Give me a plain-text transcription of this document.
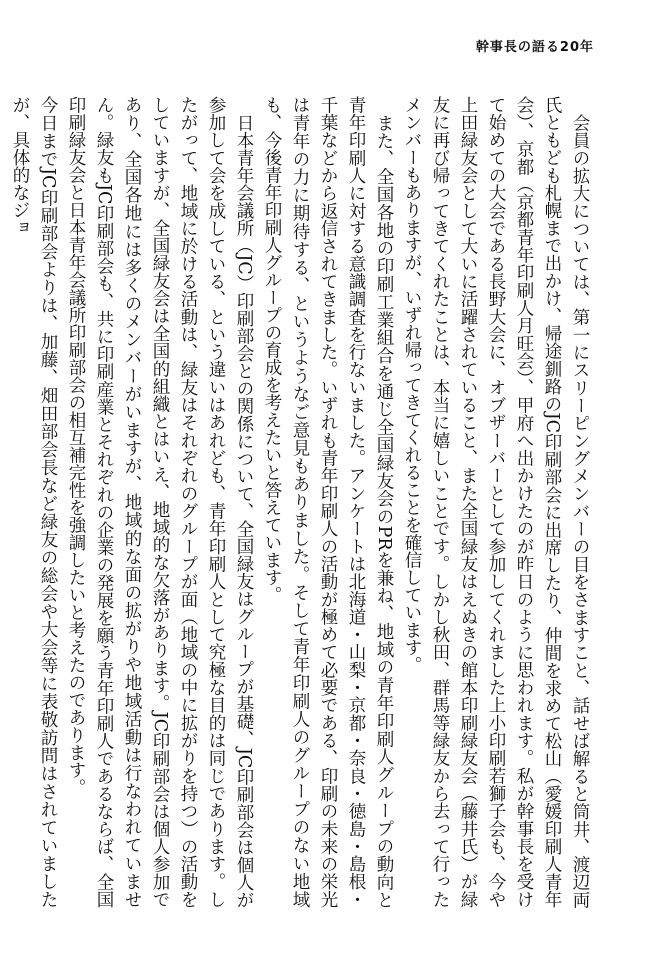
幹事長の語る20年

会員の拡大については、第一にスリーピングメンバーの目をさますこと、話せば解ると筒井、渡辺両氏ともども札幌まで出かけ、帰途釧路のJC印刷部会に出席したり、仲間を求めて松山（愛媛印刷人青年会）、京都（京都青年印刷人月旺会）、甲府へ出かけたのが昨日のように思われます。私が幹事長を受けて始めての大会である長野大会に、オブザーバーとして参加してくれました上小印刷若獅子会も、今や上田緑友会として大いに活躍されていること、また全国緑友はえぬきの館本印刷緑友会（藤井氏）が緑友に再び帰ってきてくれたことは、本当に嬉しいことです。しかし秋田、群馬等緑友から去って行ったメンバーもありますが、いずれ帰ってきてくれることを確信しています。

また、全国各地の印刷工業組合を通じ全国緑友会のPRを兼ね、地域の青年印刷人グループの動向と青年印刷人に対する意識調査を行ないました。アンケートは北海道・山梨・京都・奈良・徳島・島根・千葉などから返信されてきました。いずれも青年印刷人の活動が極めて必要である、印刷の未来の栄光は青年の力に期待する、というようなご意見もありました。そして青年印刷人のグループのない地域も、今後青年印刷人グループの育成を考えたいと答えています。

日本青年会議所（JC）印刷部会との関係について、全国緑友はグループが基礎、JC印刷部会は個人が参加して会を成している、という違いはあれども、青年印刷人として究極な目的は同じであります。したがって、地域に於ける活動は、緑友はそれぞれのグループが面（地域の中に拡がりを持つ）の活動をしていますが、全国緑友会は全国的組織とはいえ、地域的な欠落があります。JC印刷部会は個人参加であり、全国各地には多くのメンバーがいますが、地域的な面の拡がりや地域活動は行なわれていません。緑友もJC印刷部会も、共に印刷産業とそれぞれの企業の発展を願う青年印刷人であるならば、全国印刷緑友会と日本青年会議所印刷部会の相互補完性を強調したいと考えたのであります。

今日までJC印刷部会よりは、加藤、畑田部会長など緑友の総会や大会等に表敬訪問はされていましたが、具体的なジョ
